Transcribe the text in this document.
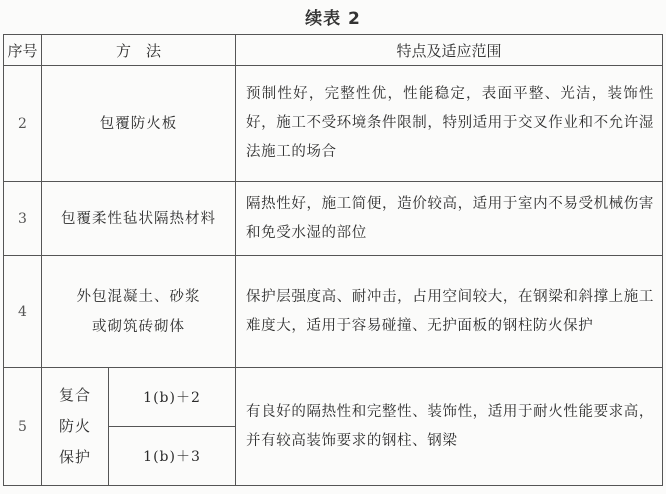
续表 2
序号	方　法		特点及适应范围
2	包覆防火板		预制性好，完整性优，性能稳定，表面平整、光洁，装饰性好，施工不受环境条件限制，特别适用于交叉作业和不允许湿法施工的场合
3	包覆柔性毡状隔热材料		隔热性好，施工简便，造价较高，适用于室内不易受机械伤害和免受水湿的部位
4	外包混凝土、砂浆
或砌筑砖砌体		保护层强度高、耐冲击，占用空间较大，在钢梁和斜撑上施工难度大，适用于容易碰撞、无护面板的钢柱防火保护
5	复合
防火
保护	1(b)＋2	有良好的隔热性和完整性、装饰性，适用于耐火性能要求高，并有较高装饰要求的钢柱、钢梁
		1(b)＋3	
